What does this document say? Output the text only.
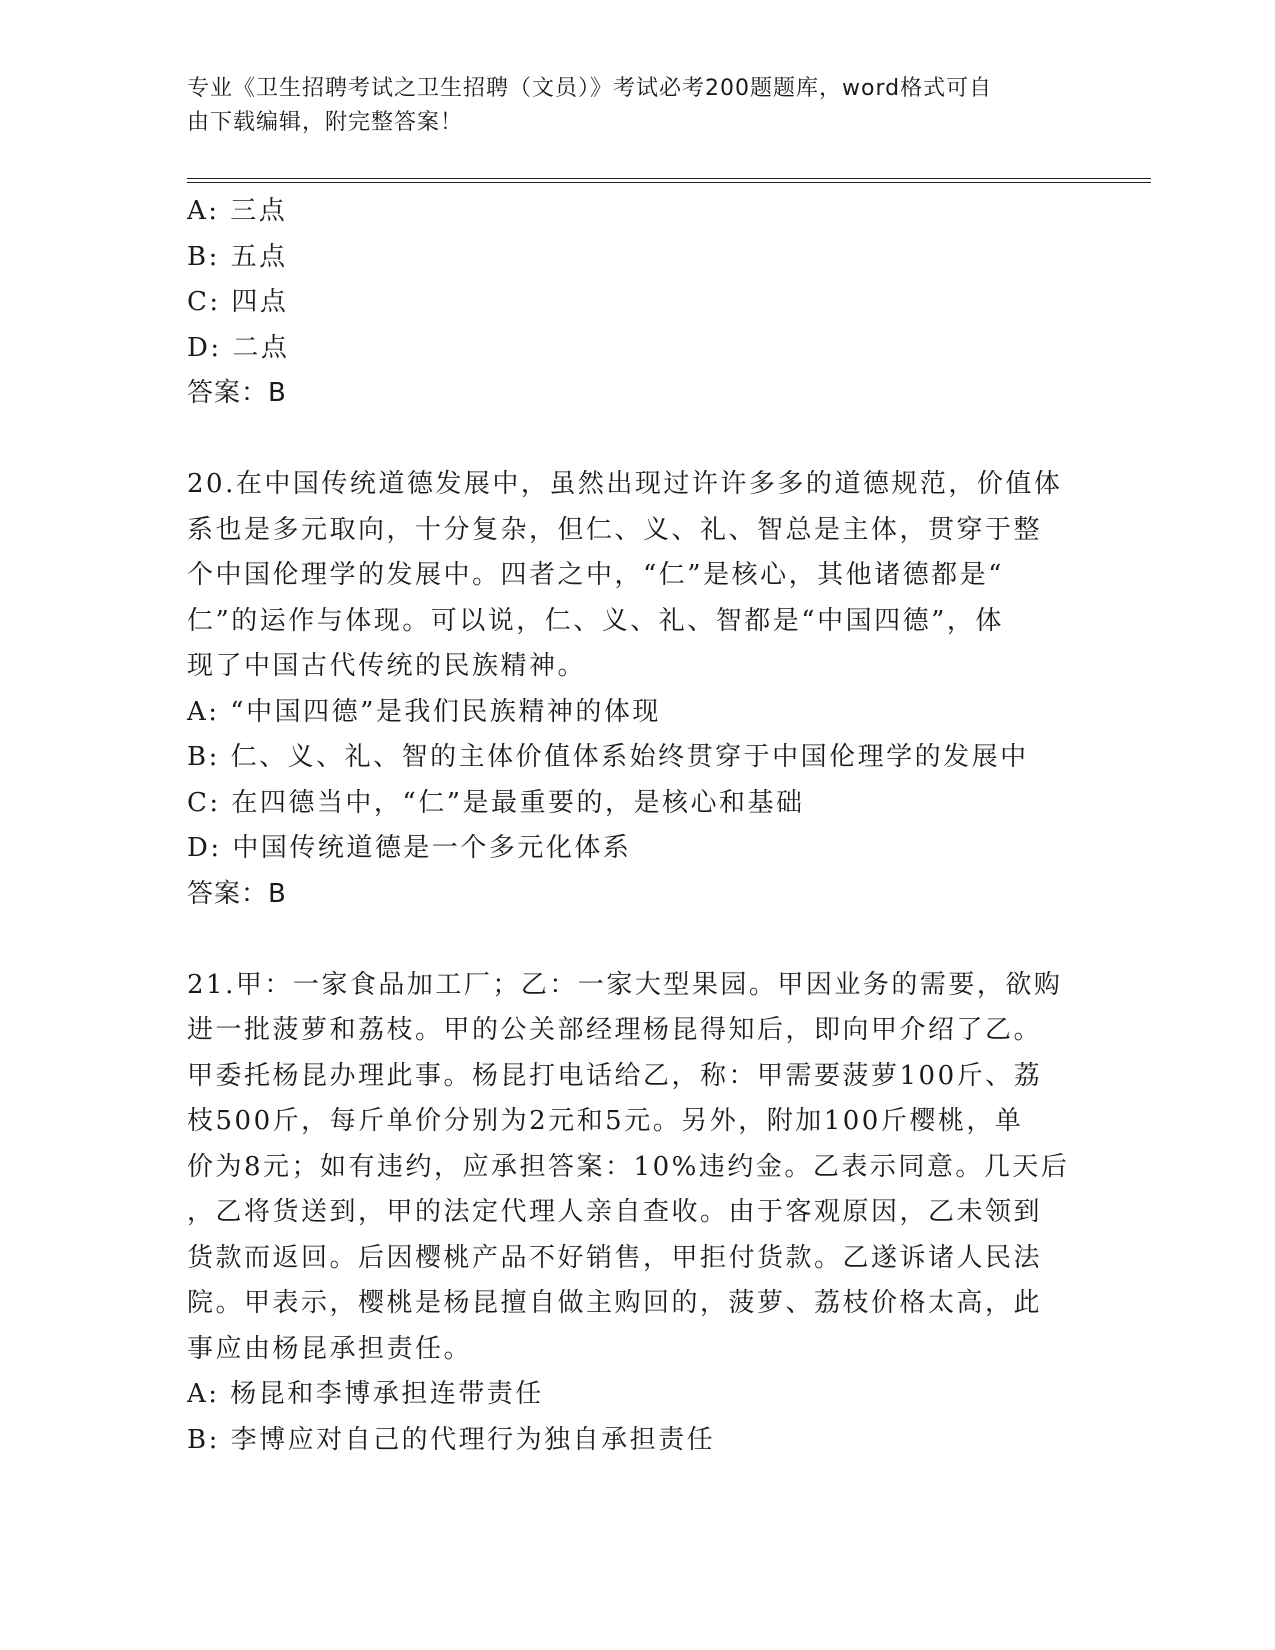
专业《卫生招聘考试之卫生招聘（文员）》考试必考200题题库，word格式可自
由下载编辑，附完整答案！
A: 三点
B: 五点
C: 四点
D: 二点
答案：B
20.在中国传统道德发展中，虽然出现过许许多多的道德规范，价值体
系也是多元取向，十分复杂，但仁、义、礼、智总是主体，贯穿于整
个中国伦理学的发展中。四者之中，“仁”是核心，其他诸德都是“
仁”的运作与体现。可以说，仁、义、礼、智都是“中国四德”，体
现了中国古代传统的民族精神。
A: “中国四德”是我们民族精神的体现
B: 仁、义、礼、智的主体价值体系始终贯穿于中国伦理学的发展中
C: 在四德当中，“仁”是最重要的，是核心和基础
D: 中国传统道德是一个多元化体系
答案：B
21.甲：一家食品加工厂；乙：一家大型果园。甲因业务的需要，欲购
进一批菠萝和荔枝。甲的公关部经理杨昆得知后，即向甲介绍了乙。
甲委托杨昆办理此事。杨昆打电话给乙，称：甲需要菠萝100斤、荔
枝500斤，每斤单价分别为2元和5元。另外，附加100斤樱桃，单
价为8元；如有违约，应承担答案：10%违约金。乙表示同意。几天后
，乙将货送到，甲的法定代理人亲自查收。由于客观原因，乙未领到
货款而返回。后因樱桃产品不好销售，甲拒付货款。乙遂诉诸人民法
院。甲表示，樱桃是杨昆擅自做主购回的，菠萝、荔枝价格太高，此
事应由杨昆承担责任。
A: 杨昆和李博承担连带责任
B: 李博应对自己的代理行为独自承担责任
